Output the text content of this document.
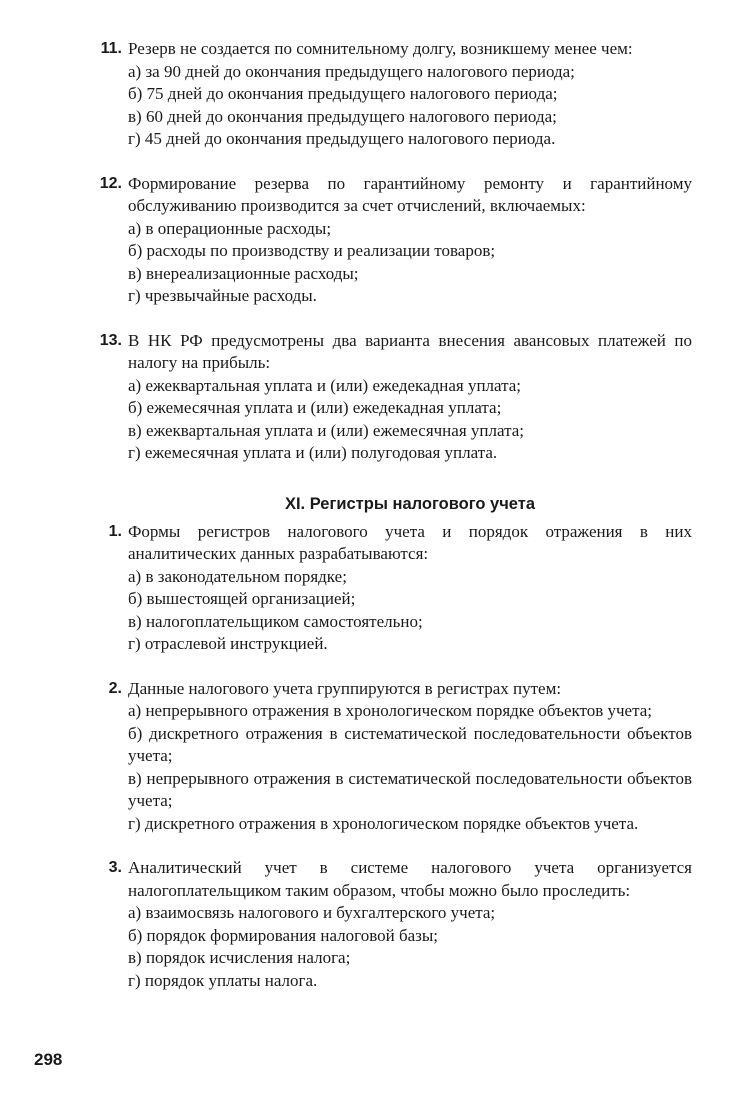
11. Резерв не создается по сомнительному долгу, возникшему менее чем:
а) за 90 дней до окончания предыдущего налогового периода;
б) 75 дней до окончания предыдущего налогового периода;
в) 60 дней до окончания предыдущего налогового периода;
г) 45 дней до окончания предыдущего налогового периода.
12. Формирование резерва по гарантийному ремонту и гарантийному обслуживанию производится за счет отчислений, включаемых:
а) в операционные расходы;
б) расходы по производству и реализации товаров;
в) внереализационные расходы;
г) чрезвычайные расходы.
13. В НК РФ предусмотрены два варианта внесения авансовых платежей по налогу на прибыль:
а) ежеквартальная уплата и (или) ежедекадная уплата;
б) ежемесячная уплата и (или) ежедекадная уплата;
в) ежеквартальная уплата и (или) ежемесячная уплата;
г) ежемесячная уплата и (или) полугодовая уплата.
XI. Регистры налогового учета
1. Формы регистров налогового учета и порядок отражения в них аналитических данных разрабатываются:
а) в законодательном порядке;
б) вышестоящей организацией;
в) налогоплательщиком самостоятельно;
г) отраслевой инструкцией.
2. Данные налогового учета группируются в регистрах путем:
а) непрерывного отражения в хронологическом порядке объектов учета;
б) дискретного отражения в систематической последовательности объектов учета;
в) непрерывного отражения в систематической последовательности объектов учета;
г) дискретного отражения в хронологическом порядке объектов учета.
3. Аналитический учет в системе налогового учета организуется налогоплательщиком таким образом, чтобы можно было проследить:
а) взаимосвязь налогового и бухгалтерского учета;
б) порядок формирования налоговой базы;
в) порядок исчисления налога;
г) порядок уплаты налога.
298
